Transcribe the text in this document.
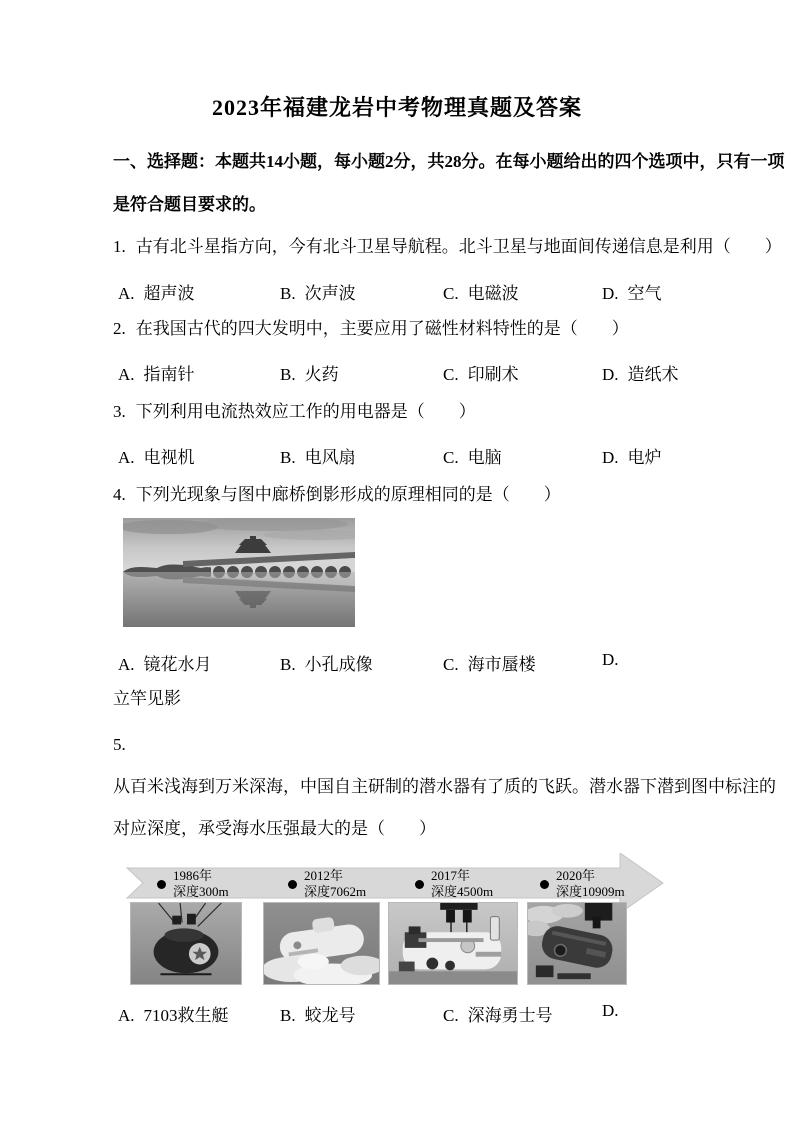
2023年福建龙岩中考物理真题及答案
一、选择题：本题共14小题，每小题2分，共28分。在每小题给出的四个选项中，只有一项
是符合题目要求的。
1. 古有北斗星指方向，今有北斗卫星导航程。北斗卫星与地面间传递信息是利用（　　）
A. 超声波	B. 次声波	C. 电磁波	D. 空气
2. 在我国古代的四大发明中，主要应用了磁性材料特性的是（　　）
A. 指南针	B. 火药	C. 印刷术	D. 造纸术
3. 下列利用电流热效应工作的用电器是（　　）
A. 电视机	B. 电风扇	C. 电脑	D. 电炉
4. 下列光现象与图中廊桥倒影形成的原理相同的是（　　）
A. 镜花水月	B. 小孔成像	C. 海市蜃楼	D.
立竿见影
5.
从百米浅海到万米深海，中国自主研制的潜水器有了质的飞跃。潜水器下潜到图中标注的
对应深度，承受海水压强最大的是（　　）
1986年
深度300m
2012年
深度7062m
2017年
深度4500m
2020年
深度10909m
A. 7103救生艇	B. 蛟龙号	C. 深海勇士号	D.
